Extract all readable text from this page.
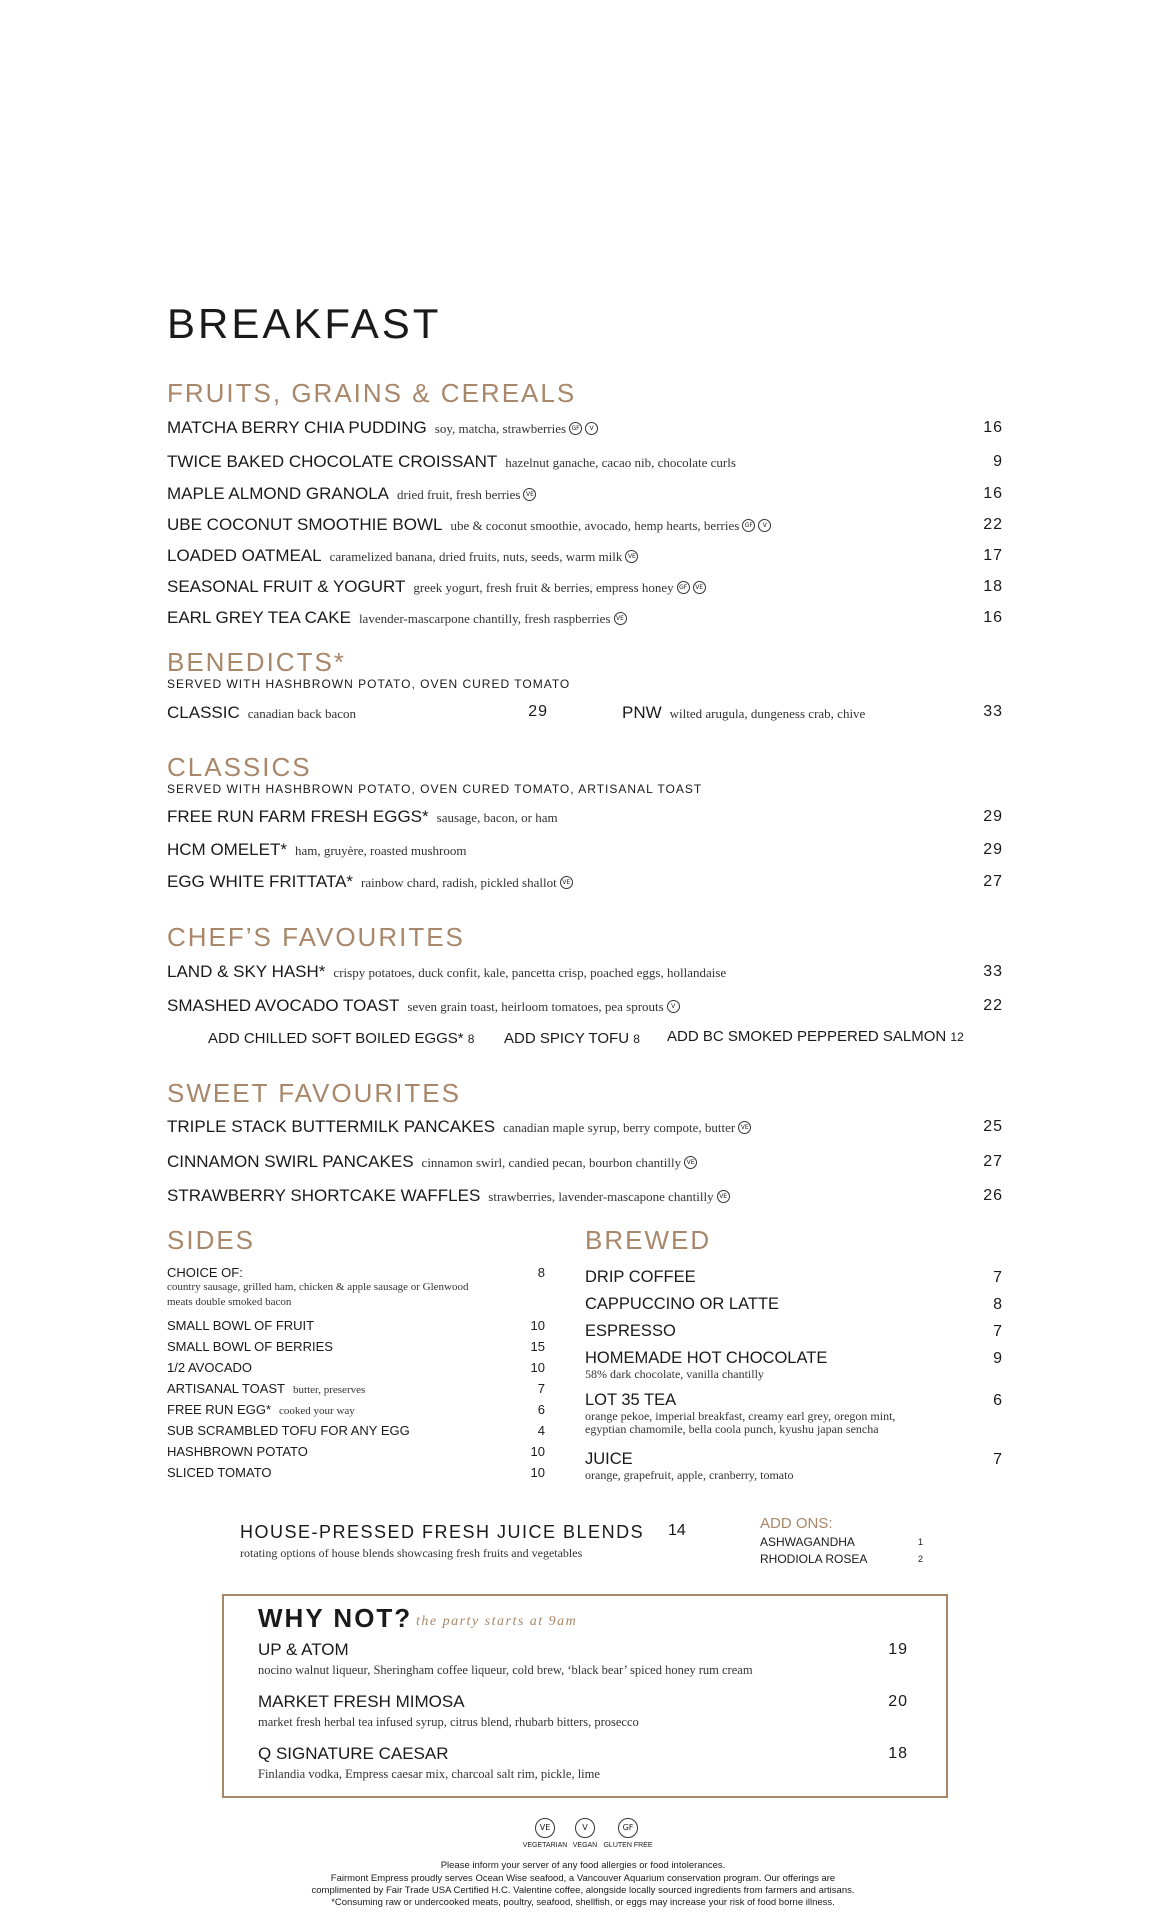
BREAKFAST
FRUITS, GRAINS & CEREALS
MATCHA BERRY CHIA PUDDING soy, matcha, strawberries GF V	16
TWICE BAKED CHOCOLATE CROISSANT hazelnut ganache, cacao nib, chocolate curls	9
MAPLE ALMOND GRANOLA dried fruit, fresh berries VE	16
UBE COCONUT SMOOTHIE BOWL ube & coconut smoothie, avocado, hemp hearts, berries GF V	22
LOADED OATMEAL caramelized banana, dried fruits, nuts, seeds, warm milk VE	17
SEASONAL FRUIT & YOGURT greek yogurt, fresh fruit & berries, empress honey GF VE	18
EARL GREY TEA CAKE lavender-mascarpone chantilly, fresh raspberries VE	16
BENEDICTS*
SERVED WITH HASHBROWN POTATO, OVEN CURED TOMATO
CLASSIC canadian back bacon	29	PNW wilted arugula, dungeness crab, chive	33
CLASSICS
SERVED WITH HASHBROWN POTATO, OVEN CURED TOMATO, ARTISANAL TOAST
FREE RUN FARM FRESH EGGS* sausage, bacon, or ham	29
HCM OMELET* ham, gruyère, roasted mushroom	29
EGG WHITE FRITTATA* rainbow chard, radish, pickled shallot VE	27
CHEF’S FAVOURITES
LAND & SKY HASH* crispy potatoes, duck confit, kale, pancetta crisp, poached eggs, hollandaise	33
SMASHED AVOCADO TOAST seven grain toast, heirloom tomatoes, pea sprouts V	22
ADD CHILLED SOFT BOILED EGGS* 8 ADD SPICY TOFU 8 ADD BC SMOKED PEPPERED SALMON 12
SWEET FAVOURITES
TRIPLE STACK BUTTERMILK PANCAKES canadian maple syrup, berry compote, butter VE	25
CINNAMON SWIRL PANCAKES cinnamon swirl, candied pecan, bourbon chantilly VE	27
STRAWBERRY SHORTCAKE WAFFLES strawberries, lavender-mascapone chantilly VE	26
SIDES
CHOICE OF:	8
country sausage, grilled ham, chicken & apple sausage or Glenwood
meats double smoked bacon
SMALL BOWL OF FRUIT	10
SMALL BOWL OF BERRIES	15
1/2 AVOCADO	10
ARTISANAL TOAST butter, preserves	7
FREE RUN EGG* cooked your way	6
SUB SCRAMBLED TOFU FOR ANY EGG	4
HASHBROWN POTATO	10
SLICED TOMATO	10
BREWED
DRIP COFFEE	7
CAPPUCCINO OR LATTE	8
ESPRESSO	7
HOMEMADE HOT CHOCOLATE	9
58% dark chocolate, vanilla chantilly
LOT 35 TEA	6
orange pekoe, imperial breakfast, creamy earl grey, oregon mint,
egyptian chamomile, bella coola punch, kyushu japan sencha
JUICE	7
orange, grapefruit, apple, cranberry, tomato
HOUSE-PRESSED FRESH JUICE BLENDS 14
rotating options of house blends showcasing fresh fruits and vegetables
ADD ONS:
ASHWAGANDHA	1
RHODIOLA ROSEA	2
WHY NOT? the party starts at 9am
UP & ATOM	19
nocino walnut liqueur, Sheringham coffee liqueur, cold brew, ‘black bear’ spiced honey rum cream
MARKET FRESH MIMOSA	20
market fresh herbal tea infused syrup, citrus blend, rhubarb bitters, prosecco
Q SIGNATURE CAESAR	18
Finlandia vodka, Empress caesar mix, charcoal salt rim, pickle, lime
VE
VEGETARIAN
V
VEGAN
GF
GLUTEN FREE
Please inform your server of any food allergies or food intolerances.
Fairmont Empress proudly serves Ocean Wise seafood, a Vancouver Aquarium conservation program. Our offerings are
complimented by Fair Trade USA Certified H.C. Valentine coffee, alongside locally sourced ingredients from farmers and artisans.
*Consuming raw or undercooked meats, poultry, seafood, shellfish, or eggs may increase your risk of food borne illness.
